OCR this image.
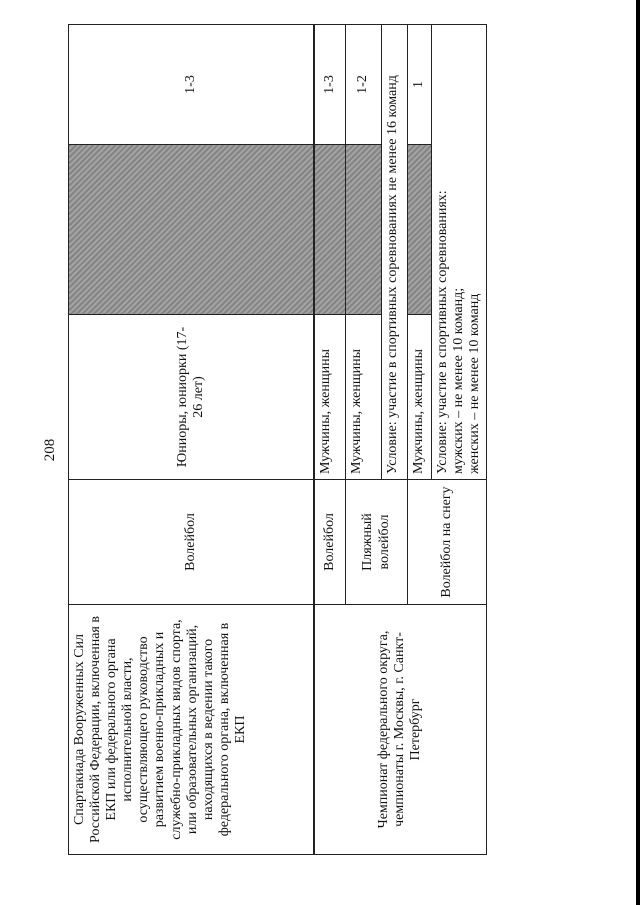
208
Спартакиада Вооруженных Сил Российской Федерации, включенная в ЕКП или федерального органа исполнительной власти, осуществляющего руководство развитием военно-прикладных и служебно-прикладных видов спорта, или образовательных организаций, находящихся в ведении такого федерального органа, включенная в ЕКП	Волейбол	Юниоры, юниорки (17-26 лет)		1-3
Чемпионат федерального округа, чемпионаты г. Москвы, г. Санкт-Петербург	Волейбол	Мужчины, женщины		1-3
	Пляжный волейбол	Мужчины, женщины		1-2
		Условие: участие в спортивных соревнованиях не менее 16 команд		
	Волейбол на снегу	Мужчины, женщины		1

		Условие: участие в спортивных соревнованиях: мужских – не менее 10 команд; женских – не менее 10 команд		
